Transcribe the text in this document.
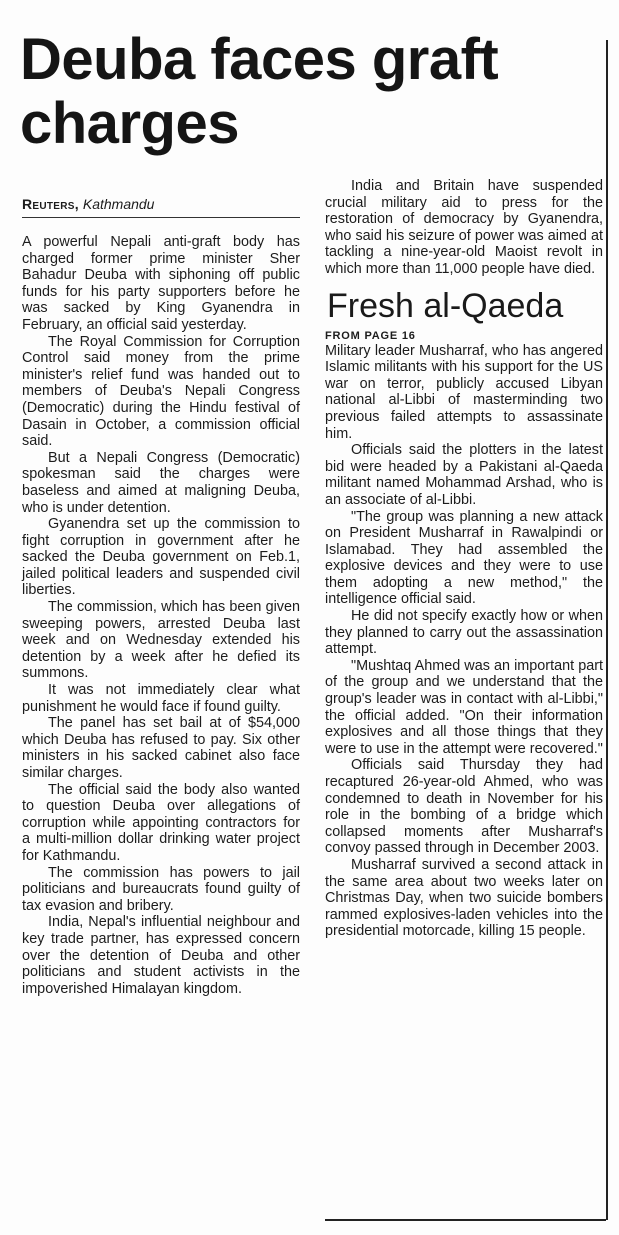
Deuba faces graft charges
Reuters, Kathmandu

A powerful Nepali anti-graft body has charged former prime minister Sher Bahadur Deuba with siphoning off public funds for his party supporters before he was sacked by King Gyanendra in February, an official said yesterday.

The Royal Commission for Corruption Control said money from the prime minister's relief fund was handed out to members of Deuba's Nepali Congress (Democratic) during the Hindu festival of Dasain in October, a commission official said.

But a Nepali Congress (Democratic) spokesman said the charges were baseless and aimed at maligning Deuba, who is under detention.

Gyanendra set up the commission to fight corruption in government after he sacked the Deuba government on Feb.1, jailed political leaders and suspended civil liberties.

The commission, which has been given sweeping powers, arrested Deuba last week and on Wednesday extended his detention by a week after he defied its summons.

It was not immediately clear what punishment he would face if found guilty.

The panel has set bail at of $54,000 which Deuba has refused to pay. Six other ministers in his sacked cabinet also face similar charges.

The official said the body also wanted to question Deuba over allegations of corruption while appointing contractors for a multi-million dollar drinking water project for Kathmandu.

The commission has powers to jail politicians and bureaucrats found guilty of tax evasion and bribery.

India, Nepal's influential neighbour and key trade partner, has expressed concern over the detention of Deuba and other politicians and student activists in the impoverished Himalayan kingdom.

India and Britain have suspended crucial military aid to press for the restoration of democracy by Gyanendra, who said his seizure of power was aimed at tackling a nine-year-old Maoist revolt in which more than 11,000 people have died.

Fresh al-Qaeda
FROM PAGE 16

Military leader Musharraf, who has angered Islamic militants with his support for the US war on terror, publicly accused Libyan national al-Libbi of masterminding two previous failed attempts to assassinate him.

Officials said the plotters in the latest bid were headed by a Pakistani al-Qaeda militant named Mohammad Arshad, who is an associate of al-Libbi.

"The group was planning a new attack on President Musharraf in Rawalpindi or Islamabad. They had assembled the explosive devices and they were to use them adopting a new method," the intelligence official said.

He did not specify exactly how or when they planned to carry out the assassination attempt.

"Mushtaq Ahmed was an important part of the group and we understand that the group's leader was in contact with al-Libbi," the official added. "On their information explosives and all those things that they were to use in the attempt were recovered."

Officials said Thursday they had recaptured 26-year-old Ahmed, who was condemned to death in November for his role in the bombing of a bridge which collapsed moments after Musharraf's convoy passed through in December 2003.

Musharraf survived a second attack in the same area about two weeks later on Christmas Day, when two suicide bombers rammed explosives-laden vehicles into the presidential motorcade, killing 15 people.
